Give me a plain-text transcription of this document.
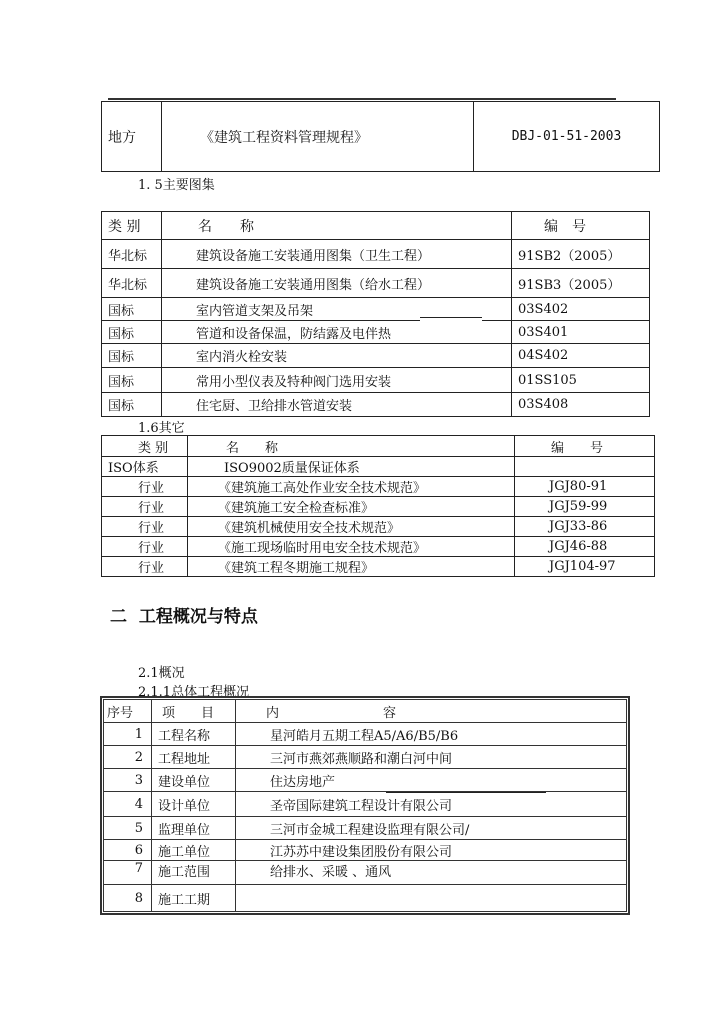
地方	《建筑工程资料管理规程》	DBJ-01-51-2003
1. 5主要图集
类 别	名　　称	编　号
华北标	建筑设备施工安装通用图集（卫生工程）	91SB2（2005）
华北标	建筑设备施工安装通用图集（给水工程）	91SB3（2005）
国标	室内管道支架及吊架	03S402
国标	管道和设备保温，防结露及电伴热	03S401
国标	室内消火栓安装	04S402
国标	常用小型仪表及特种阀门选用安装	01SS105
国标	住宅厨、卫给排水管道安装	03S408
1.6其它
类 别	名　　称	编　　号
ISO体系	ISO9002质量保证体系	
行业	《建筑施工高处作业安全技术规范》	JGJ80-91
行业	《建筑施工安全检查标准》	JGJ59-99
行业	《建筑机械使用安全技术规范》	JGJ33-86
行业	《施工现场临时用电安全技术规范》	JGJ46-88
行业	《建筑工程冬期施工规程》	JGJ104-97
二  工程概况与特点
2.1概况
2.1.1总体工程概况
序号	项　　目	内　　　　　　　　容
1	工程名称	星河皓月五期工程A5/A6/B5/B6
2	工程地址	三河市燕郊燕顺路和潮白河中间
3	建设单位	住达房地产
4	设计单位	圣帝国际建筑工程设计有限公司
5	监理单位	三河市金城工程建设监理有限公司/
6	施工单位	江苏苏中建设集团股份有限公司
7	施工范围	给排水、采暖 、通风
8	施工工期	
